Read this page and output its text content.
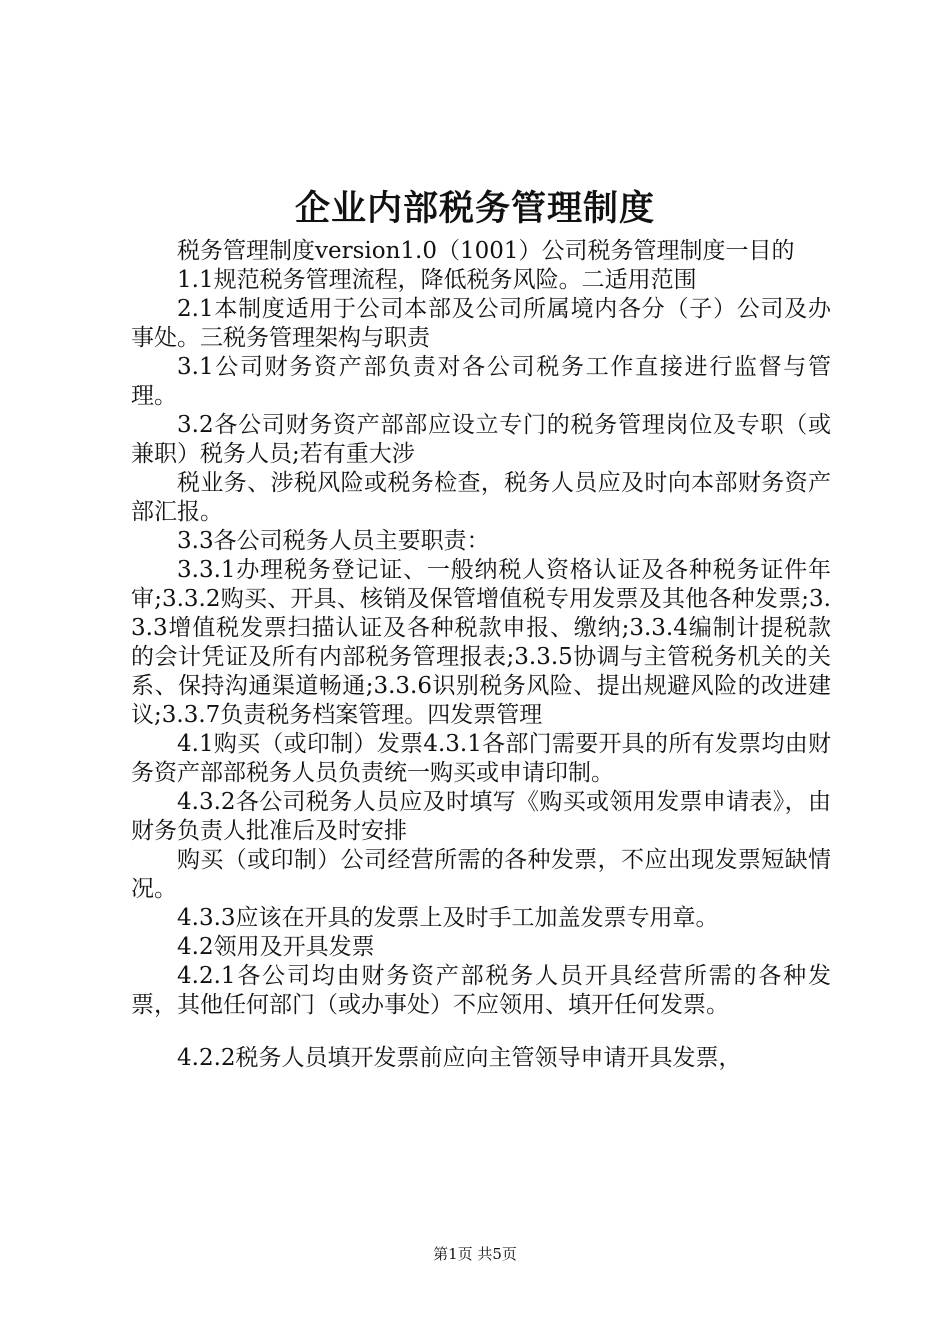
企业内部税务管理制度

税务管理制度version1.0（1001）公司税务管理制度一目的

1.1规范税务管理流程，降低税务风险。二适用范围

2.1本制度适用于公司本部及公司所属境内各分（子）公司及办事处。三税务管理架构与职责

3.1公司财务资产部负责对各公司税务工作直接进行监督与管理。

3.2各公司财务资产部部应设立专门的税务管理岗位及专职（或兼职）税务人员;若有重大涉

税业务、涉税风险或税务检查，税务人员应及时向本部财务资产部汇报。

3.3各公司税务人员主要职责：

3.3.1办理税务登记证、一般纳税人资格认证及各种税务证件年审;3.3.2购买、开具、核销及保管增值税专用发票及其他各种发票;3.3.3增值税发票扫描认证及各种税款申报、缴纳;3.3.4编制计提税款的会计凭证及所有内部税务管理报表;3.3.5协调与主管税务机关的关系、保持沟通渠道畅通;3.3.6识别税务风险、提出规避风险的改进建议;3.3.7负责税务档案管理。四发票管理

4.1购买（或印制）发票4.3.1各部门需要开具的所有发票均由财务资产部部税务人员负责统一购买或申请印制。

4.3.2各公司税务人员应及时填写《购买或领用发票申请表》，由财务负责人批准后及时安排

购买（或印制）公司经营所需的各种发票，不应出现发票短缺情况。

4.3.3应该在开具的发票上及时手工加盖发票专用章。

4.2领用及开具发票

4.2.1各公司均由财务资产部税务人员开具经营所需的各种发票，其他任何部门（或办事处）不应领用、填开任何发票。

4.2.2税务人员填开发票前应向主管领导申请开具发票，

第1页 共5页
